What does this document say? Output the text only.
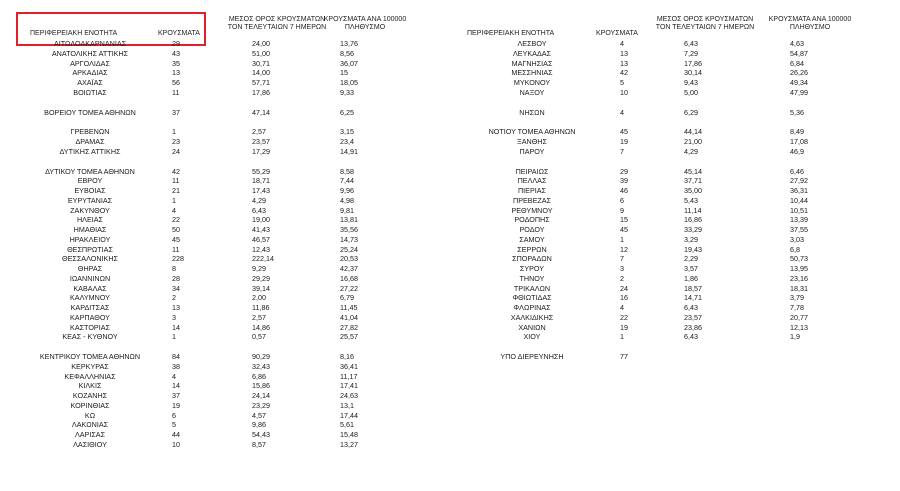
ΠΕΡΙΦΕΡΕΙΑΚΗ ΕΝΟΤΗΤΑ	ΚΡΟΥΣΜΑΤΑ
ΜΕΣΟΣ ΟΡΟΣ ΚΡΟΥΣΜΑΤΩΝ
ΤΟΝ ΤΕΛΕΥΤΑΙΩΝ 7 ΗΜΕΡΩΝ
ΚΡΟΥΣΜΑΤΑ ΑΝΑ 100000
ΠΛΗΘΥΣΜΟ
ΠΕΡΙΦΕΡΕΙΑΚΗ ΕΝΟΤΗΤΑ	ΚΡΟΥΣΜΑΤΑ
ΜΕΣΟΣ ΟΡΟΣ ΚΡΟΥΣΜΑΤΩΝ
ΤΟΝ ΤΕΛΕΥΤΑΙΩΝ 7 ΗΜΕΡΩΝ
ΚΡΟΥΣΜΑΤΑ ΑΝΑ 100000
ΠΛΗΘΥΣΜΟ
ΑΙΤΩΛΟΑΚΑΡΝΑΝΙΑΣ	29	24,00	13,76
ΑΝΑΤΟΛΙΚΗΣ ΑΤΤΙΚΗΣ	43	51,00	8,56
ΑΡΓΟΛΙΔΑΣ	35	30,71	36,07
ΑΡΚΑΔΙΑΣ	13	14,00	15
ΑΧΑΪΑΣ	56	57,71	18,05
ΒΟΙΩΤΙΑΣ	11	17,86	9,33
ΒΟΡΕΙΟΥ ΤΟΜΕΑ ΑΘΗΝΩΝ	37	47,14	6,25
ΓΡΕΒΕΝΩΝ	1	2,57	3,15
ΔΡΑΜΑΣ	23	23,57	23,4
ΔΥΤΙΚΗΣ ΑΤΤΙΚΗΣ	24	17,29	14,91
ΔΥΤΙΚΟΥ ΤΟΜΕΑ ΑΘΗΝΩΝ	42	55,29	8,58
ΕΒΡΟΥ	11	18,71	7,44
ΕΥΒΟΙΑΣ	21	17,43	9,96
ΕΥΡΥΤΑΝΙΑΣ	1	4,29	4,98
ΖΑΚΥΝΘΟΥ	4	6,43	9,81
ΗΛΕΙΑΣ	22	19,00	13,81
ΗΜΑΘΙΑΣ	50	41,43	35,56
ΗΡΑΚΛΕΙΟΥ	45	46,57	14,73
ΘΕΣΠΡΩΤΙΑΣ	11	12,43	25,24
ΘΕΣΣΑΛΟΝΙΚΗΣ	228	222,14	20,53
ΘΗΡΑΣ	8	9,29	42,37
ΙΩΑΝΝΙΝΩΝ	28	29,29	16,68
ΚΑΒΑΛΑΣ	34	39,14	27,22
ΚΑΛΥΜΝΟΥ	2	2,00	6,79
ΚΑΡΔΙΤΣΑΣ	13	11,86	11,45
ΚΑΡΠΑΘΟΥ	3	2,57	41,04
ΚΑΣΤΟΡΙΑΣ	14	14,86	27,82
ΚΕΑΣ - ΚΥΘΝΟΥ	1	0,57	25,57
ΚΕΝΤΡΙΚΟΥ ΤΟΜΕΑ ΑΘΗΝΩΝ	84	90,29	8,16
ΚΕΡΚΥΡΑΣ	38	32,43	36,41
ΚΕΦΑΛΛΗΝΙΑΣ	4	6,86	11,17
ΚΙΛΚΙΣ	14	15,86	17,41
ΚΟΖΑΝΗΣ	37	24,14	24,63
ΚΟΡΙΝΘΙΑΣ	19	23,29	13,1
ΚΩ	6	4,57	17,44
ΛΑΚΩΝΙΑΣ	5	9,86	5,61
ΛΑΡΙΣΑΣ	44	54,43	15,48
ΛΑΣΙΘΙΟΥ	10	8,57	13,27
ΛΕΣΒΟΥ	4	6,43	4,63
ΛΕΥΚΑΔΑΣ	13	7,29	54,87
ΜΑΓΝΗΣΙΑΣ	13	17,86	6,84
ΜΕΣΣΗΝΙΑΣ	42	30,14	26,26
ΜΥΚΟΝΟΥ	5	9,43	49,34
ΝΑΞΟΥ	10	5,00	47,99
ΝΗΣΩΝ	4	6,29	5,36
ΝΟΤΙΟΥ ΤΟΜΕΑ ΑΘΗΝΩΝ	45	44,14	8,49
ΞΑΝΘΗΣ	19	21,00	17,08
ΠΑΡΟΥ	7	4,29	46,9
ΠΕΙΡΑΙΩΣ	29	45,14	6,46
ΠΕΛΛΑΣ	39	37,71	27,92
ΠΙΕΡΙΑΣ	46	35,00	36,31
ΠΡΕΒΕΖΑΣ	6	5,43	10,44
ΡΕΘΥΜΝΟΥ	9	11,14	10,51
ΡΟΔΟΠΗΣ	15	16,86	13,39
ΡΟΔΟΥ	45	33,29	37,55
ΣΑΜΟΥ	1	3,29	3,03
ΣΕΡΡΩΝ	12	19,43	6,8
ΣΠΟΡΑΔΩΝ	7	2,29	50,73
ΣΥΡΟΥ	3	3,57	13,95
ΤΗΝΟΥ	2	1,86	23,16
ΤΡΙΚΑΛΩΝ	24	18,57	18,31
ΦΘΙΩΤΙΔΑΣ	16	14,71	3,79
ΦΛΩΡΙΝΑΣ	4	6,43	7,78
ΧΑΛΚΙΔΙΚΗΣ	22	23,57	20,77
ΧΑΝΙΩΝ	19	23,86	12,13
ΧΙΟΥ	1	6,43	1,9
ΥΠΟ ΔΙΕΡΕΥΝΗΣΗ	77
